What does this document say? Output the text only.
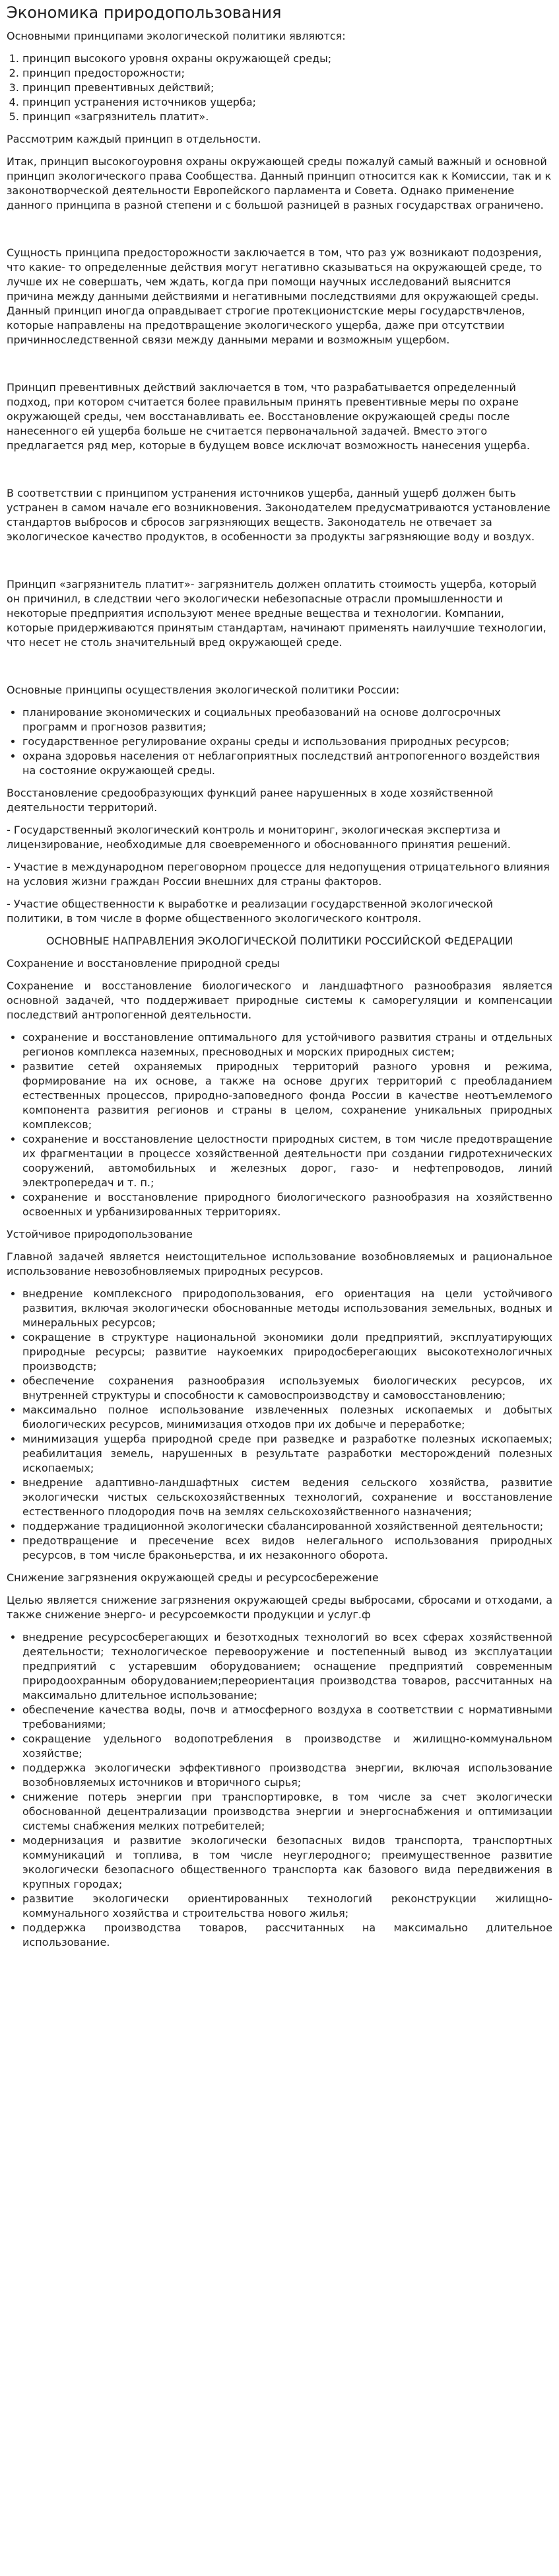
Экономика природопользования

Основными принципами экологической политики являются:

1. принцип высокого уровня охраны окружающей среды;
2. принцип предосторожности;
3. принцип превентивных действий;
4. принцип устранения источников ущерба;
5. принцип «загрязнитель платит».

Рассмотрим каждый принцип в отдельности.

Итак, принцип высокогоуровня охраны окружающей среды пожалуй самый важный и основной принцип экологического права Сообщества. Данный принцип относится как к Комиссии, так и к законотворческой деятельности Европейского парламента и Совета. Однако применение данного принципа в разной степени и с большой разницей в разных государствах ограничено.

Сущность принципа предосторожности заключается в том, что раз уж возникают подозрения, что какие- то определенные действия могут негативно сказываться на окружающей среде, то лучше их не совершать, чем ждать, когда при помощи научных исследований выяснится причина между данными действиями и негативными последствиями для окружающей среды. Данный принцип иногда оправдывает строгие протекционистские меры государствчленов, которые направлены на предотвращение экологического ущерба, даже при отсутствии причинноследственной связи между данными мерами и возможным ущербом.

Принцип превентивных действий заключается в том, что разрабатывается определенный подход, при котором считается более правильным принять превентивные меры по охране окружающей среды, чем восстанавливать ее. Восстановление окружающей среды после нанесенного ей ущерба больше не считается первоначальной задачей. Вместо этого предлагается ряд мер, которые в будущем вовсе исключат возможность нанесения ущерба.

В соответствии с принципом устранения источников ущерба, данный ущерб должен быть устранен в самом начале его возникновения. Законодателем предусматриваются установление стандартов выбросов и сбросов загрязняющих веществ. Законодатель не отвечает за экологическое качество продуктов, в особенности за продукты загрязняющие воду и воздух.

Принцип «загрязнитель платит»- загрязнитель должен оплатить стоимость ущерба, который он причинил, в следствии чего экологически небезопасные отрасли промышленности и некоторые предприятия используют менее вредные вещества и технологии. Компании, которые придерживаются принятым стандартам, начинают применять наилучшие технологии, что несет не столь значительный вред окружающей среде.

Основные принципы осуществления экологической политики России:

• планирование экономических и социальных преобазований на основе долгосрочных программ и прогнозов развития;
• государственное регулирование охраны среды и использования природных ресурсов;
• охрана здоровья населения от неблагоприятных последствий антропогенного воздействия на состояние окружающей среды.

Восстановление средообразующих функций ранее нарушенных в ходе хозяйственной деятельности территорий.

- Государственный экологический контроль и мониторинг, экологическая экспертиза и лицензирование, необходимые для своевременного и обоснованного принятия решений.

- Участие в международном переговорном процессе для недопущения отрицательного влияния на условия жизни граждан России внешних для страны факторов.

- Участие общественности к выработке и реализации государственной экологической политики, в том числе в форме общественного экологического контроля.

ОСНОВНЫЕ НАПРАВЛЕНИЯ ЭКОЛОГИЧЕСКОЙ ПОЛИТИКИ РОССИЙСКОЙ ФЕДЕРАЦИИ

Сохранение и восстановление природной среды

Сохранение и восстановление биологического и ландшафтного разнообразия является основной задачей, что поддерживает природные системы к саморегуляции и компенсации последствий антропогенной деятельности.

• сохранение и восстановление оптимального для устойчивого развития страны и отдельных регионов комплекса наземных, пресноводных и морских природных систем;
• развитие сетей охраняемых природных территорий разного уровня и режима, формирование на их основе, а также на основе других территорий с преобладанием естественных процессов, природно-заповедного фонда России в качестве неотъемлемого компонента развития регионов и страны в целом, сохранение уникальных природных комплексов;
• сохранение и восстановление целостности природных систем, в том числе предотвращение их фрагментации в процессе хозяйственной деятельности при создании гидротехнических сооружений, автомобильных и железных дорог, газо- и нефтепроводов, линий электропередач и т. п.;
• сохранение и восстановление природного биологического разнообразия на хозяйственно освоенных и урбанизированных территориях.

Устойчивое природопользование

Главной задачей является неистощительное использование возобновляемых и рациональное использование невозобновляемых природных ресурсов.

• внедрение комплексного природопользования, его ориентация на цели устойчивого развития, включая экологически обоснованные методы использования земельных, водных и минеральных ресурсов;
• сокращение в структуре национальной экономики доли предприятий, эксплуатирующих природные ресурсы; развитие наукоемких природосберегающих высокотехнологичных производств;
• обеспечение сохранения разнообразия используемых биологических ресурсов, их внутренней структуры и способности к самовоспроизводству и самовосстановлению;
• максимально полное использование извлеченных полезных ископаемых и добытых биологических ресурсов, минимизация отходов при их добыче и переработке;
• минимизация ущерба природной среде при разведке и разработке полезных ископаемых; реабилитация земель, нарушенных в результате разработки месторождений полезных ископаемых;
• внедрение адаптивно-ландшафтных систем ведения сельского хозяйства, развитие экологически чистых сельскохозяйственных технологий, сохранение и восстановление естественного плодородия почв на землях сельскохозяйственного назначения;
• поддержание традиционной экологически сбалансированной хозяйственной деятельности;
• предотвращение и пресечение всех видов нелегального использования природных ресурсов, в том числе браконьерства, и их незаконного оборота.

Снижение загрязнения окружающей среды и ресурсосбережение

Целью является снижение загрязнения окружающей среды выбросами, сбросами и отходами, а также снижение энерго- и ресурсоемкости продукции и услуг.ф

• внедрение ресурсосберегающих и безотходных технологий во всех сферах хозяйственной деятельности; технологическое перевооружение и постепенный вывод из эксплуатации предприятий с устаревшим оборудованием; оснащение предприятий современным природоохранным оборудованием;переориентация производства товаров, рассчитанных на максимально длительное использование;
• обеспечение качества воды, почв и атмосферного воздуха в соответствии с нормативными требованиями;
• сокращение удельного водопотребления в производстве и жилищно-коммунальном хозяйстве;
• поддержка экологически эффективного производства энергии, включая использование возобновляемых источников и вторичного сырья;
• снижение потерь энергии при транспортировке, в том числе за счет экологически обоснованной децентрализации производства энергии и энергоснабжения и оптимизации системы снабжения мелких потребителей;
• модернизация и развитие экологически безопасных видов транспорта, транспортных коммуникаций и топлива, в том числе неуглеродного; преимущественное развитие экологически безопасного общественного транспорта как базового вида передвижения в крупных городах;
• развитие экологически ориентированных технологий реконструкции жилищно-коммунального хозяйства и строительства нового жилья;
• поддержка производства товаров, рассчитанных на максимально длительное использование.
